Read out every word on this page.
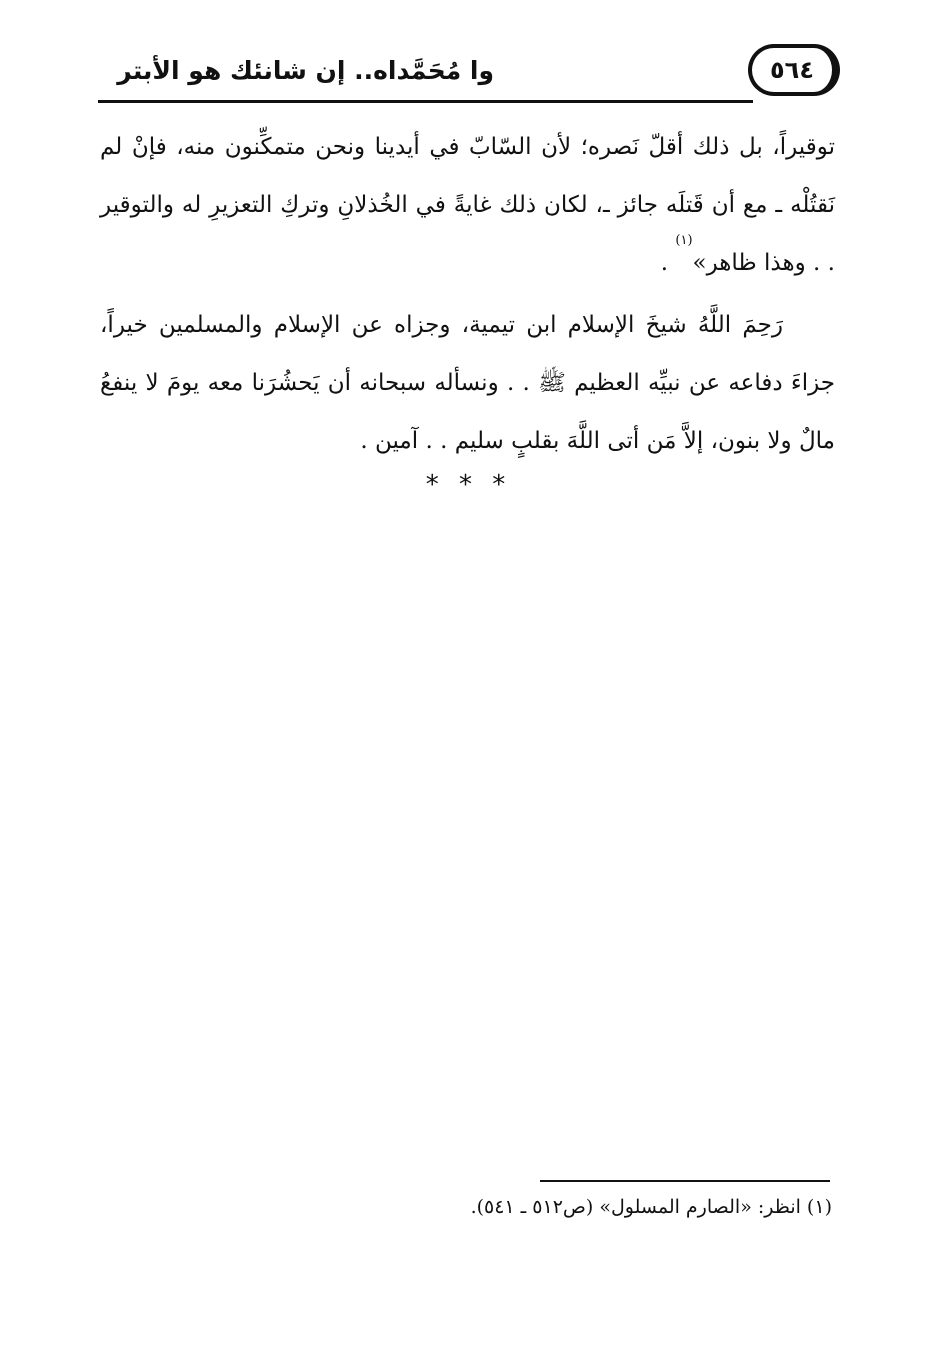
وا مُحَمَّداه.. إن شانئك هو الأبتر	٥٦٤

توقيراً، بل ذلك أقلّ نَصره؛ لأن السّابّ في أيدينا ونحن متمكِّنون منه، فإنْ لم نَقتُلْه ـ مع أن قَتلَه جائز ـ، لكان ذلك غايةً في الخُذلانِ وتركِ التعزيرِ له والتوقير . . وهذا ظاهر»$^{(١)}$ .

رَحِمَ اللَّهُ شيخَ الإسلام ابن تيمية، وجزاه عن الإسلام والمسلمين خيراً، جزاءَ دفاعه عن نبيِّه العظيم ﷺ . . ونسأله سبحانه أن يَحشُرَنا معه يومَ لا ينفعُ مالٌ ولا بنون، إلاَّ مَن أتى اللَّهَ بقلبٍ سليم . . آمين .

* * *
(١) انظر: «الصارم المسلول» (ص٥١٢ ـ ٥٤١).
